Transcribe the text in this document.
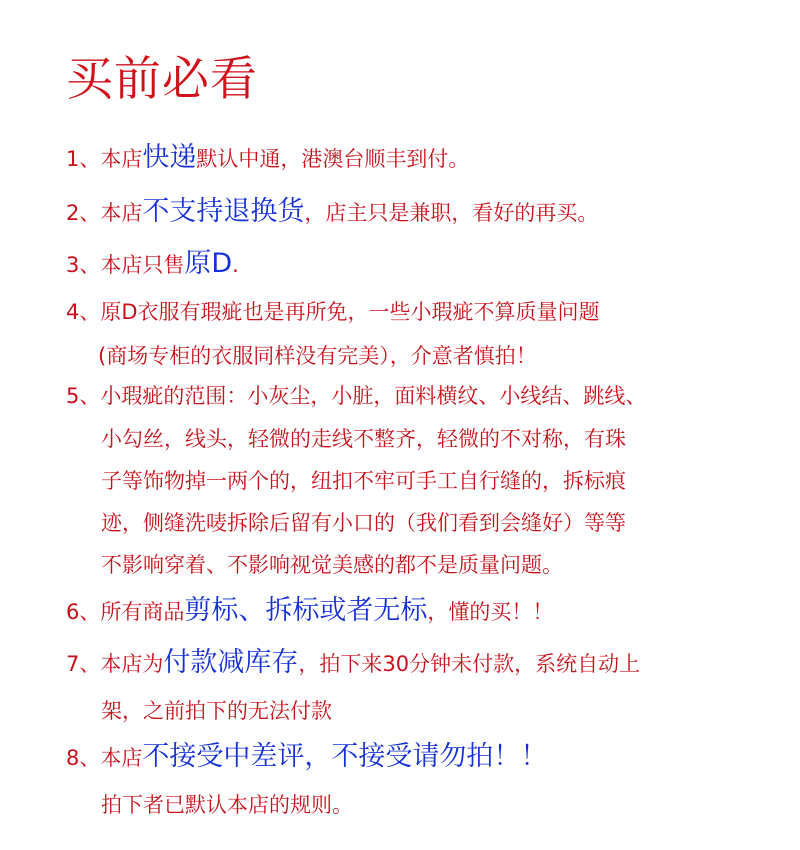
买前必看
1、本店快递默认中通，港澳台顺丰到付。
2、本店不支持退换货，店主只是兼职，看好的再买。
3、本店只售原D.
4、原D衣服有瑕疵也是再所免，一些小瑕疵不算质量问题
(商场专柜的衣服同样没有完美），介意者慎拍！
5、小瑕疵的范围：小灰尘，小脏，面料横纹、小线结、跳线、
小勾丝，线头，轻微的走线不整齐，轻微的不对称，有珠
子等饰物掉一两个的，纽扣不牢可手工自行缝的，拆标痕
迹，侧缝洗唛拆除后留有小口的（我们看到会缝好）等等
不影响穿着、不影响视觉美感的都不是质量问题。
6、所有商品剪标、拆标或者无标，懂的买！！
7、本店为付款减库存，拍下来30分钟未付款，系统自动上
架，之前拍下的无法付款
8、本店不接受中差评，不接受请勿拍！！
拍下者已默认本店的规则。
